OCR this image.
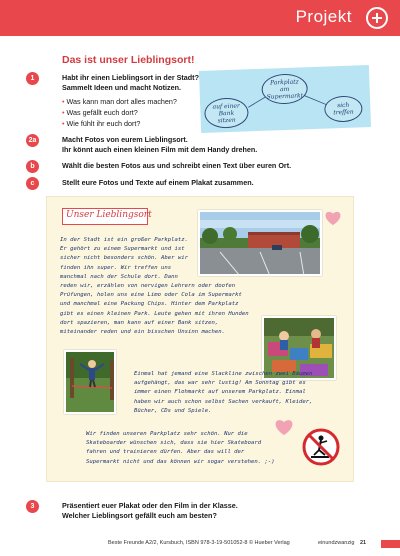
Projekt
Das ist unser Lieblingsort!
1	Habt ihr einen Lieblingsort in der Stadt?
Sammelt Ideen und macht Notizen.
• Was kann man dort alles machen?
• Was gefällt euch dort?
• Wie fühlt ihr euch dort?
Parkplatz
am
Supermarkt
auf einer
Bank
sitzen
sich
treffen
2a	Macht Fotos von eurem Lieblingsort.
Ihr könnt auch einen kleinen Film mit dem Handy drehen.
b	Wählt die besten Fotos aus und schreibt einen Text über euren Ort.
c	Stellt eure Fotos und Texte auf einem Plakat zusammen.
Unser Lieblingsort
In der Stadt ist ein großer Parkplatz.
Er gehört zu einem Supermarkt und ist
sicher nicht besonders schön. Aber wir
finden ihn super. Wir treffen uns
manchmal nach der Schule dort. Dann
reden wir, erzählen von nervigen Lehrern oder doofen
Prüfungen, holen uns eine Limo oder Cola im Supermarkt
und manchmal eine Packung Chips. Hinter dem Parkplatz
gibt es einen kleinen Park. Leute gehen mit ihren Hunden
dort spazieren, man kann auf einer Bank sitzen,
miteinander reden und ein bisschen Unsinn machen.
Einmal hat jemand eine Slackline zwischen zwei Bäumen
aufgehängt, das war sehr lustig! Am Sonntag gibt es
immer einen Flohmarkt auf unserem Parkplatz. Einmal
haben wir auch schon selbst Sachen verkauft, Kleider,
Bücher, CDs und Spiele.
Wir finden unseren Parkplatz sehr schön. Nur die
Skateboarder wünschen sich, dass sie hier Skateboard
fahren und trainieren dürfen. Aber das will der
Supermarkt nicht und das können wir sogar verstehen. ;-)
3	Präsentiert euer Plakat oder den Film in der Klasse.
Welcher Lieblingsort gefällt euch am besten?
Beste Freunde A2/2, Kursbuch, ISBN 978-3-19-501052-8 © Hueber Verlag	einundzwanzig 21
